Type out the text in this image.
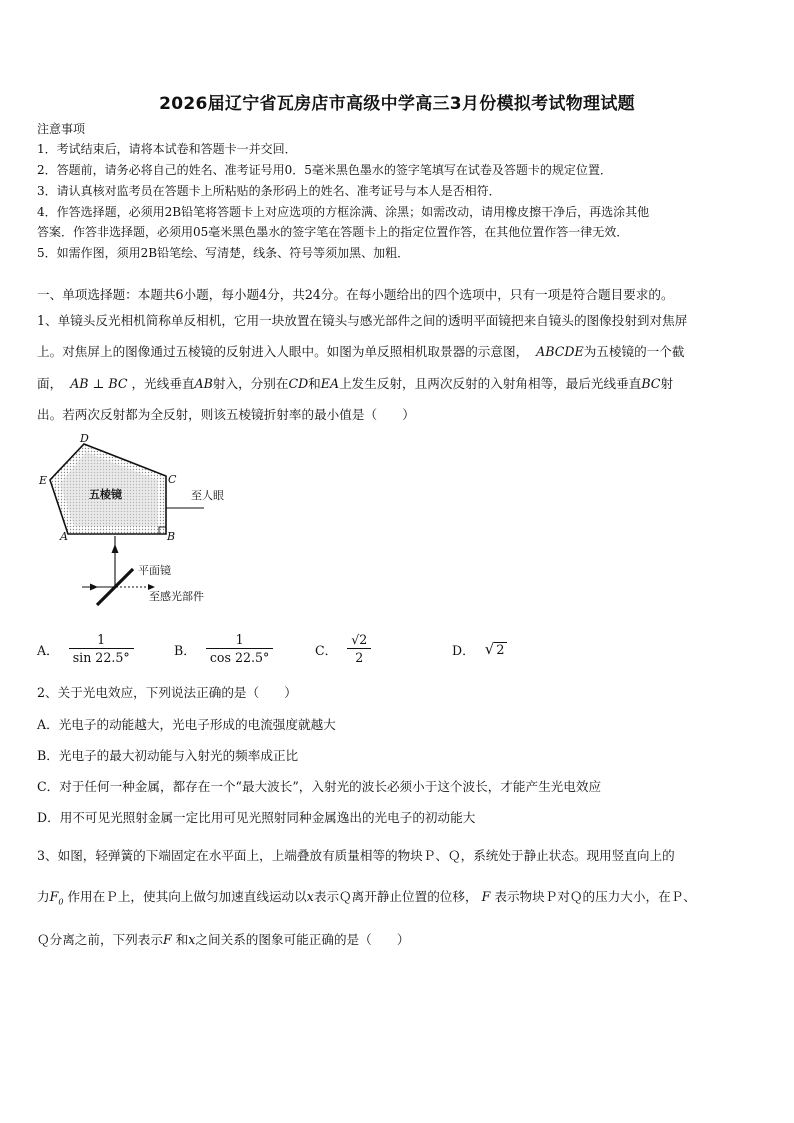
2026届辽宁省瓦房店市高级中学高三3月份模拟考试物理试题
注意事项
1．考试结束后，请将本试卷和答题卡一并交回．
2．答题前，请务必将自己的姓名、准考证号用0．5毫米黑色墨水的签字笔填写在试卷及答题卡的规定位置．
3．请认真核对监考员在答题卡上所粘贴的条形码上的姓名、准考证号与本人是否相符．
4．作答选择题，必须用2B铅笔将答题卡上对应选项的方框涂满、涂黑；如需改动，请用橡皮擦干净后，再选涂其他
答案．作答非选择题，必须用05毫米黑色墨水的签字笔在答题卡上的指定位置作答，在其他位置作答一律无效．
5．如需作图，须用2B铅笔绘、写清楚，线条、符号等须加黑、加粗．
一、单项选择题：本题共6小题，每小题4分，共24分。在每小题给出的四个选项中，只有一项是符合题目要求的。
1、单镜头反光相机简称单反相机，它用一块放置在镜头与感光部件之间的透明平面镜把来自镜头的图像投射到对焦屏
上。对焦屏上的图像通过五棱镜的反射进入人眼中。如图为单反照相机取景器的示意图， ABCDE为五棱镜的一个截
面， AB ⊥ BC ，光线垂直AB射入，分别在CD和EA上发生反射，且两次反射的入射角相等，最后光线垂直BC射
出。若两次反射都为全反射，则该五棱镜折射率的最小值是（　　）
五棱镜
D
C
E
A	B
至人眼
平面镜
至感光部件
A． $\frac{1}{\sin 22.5^\circ}$	B． $\frac{1}{\cos 22.5^\circ}$	C． $\frac{√2}{2}$	D． √ 2
2、关于光电效应，下列说法正确的是（　　）
A．光电子的动能越大，光电子形成的电流强度就越大
B．光电子的最大初动能与入射光的频率成正比
C．对于任何一种金属，都存在一个“最大波长”，入射光的波长必须小于这个波长，才能产生光电效应
D．用不可见光照射金属一定比用可见光照射同种金属逸出的光电子的初动能大
3、如图，轻弹簧的下端固定在水平面上，上端叠放有质量相等的物块Ｐ、Ｑ，系统处于静止状态。现用竖直向上的
力$F_0$ 作用在Ｐ上，使其向上做匀加速直线运动以x表示Ｑ离开静止位置的位移， F 表示物块Ｐ对Ｑ的压力大小，在Ｐ、
Ｑ分离之前，下列表示F 和x之间关系的图象可能正确的是（　　）
